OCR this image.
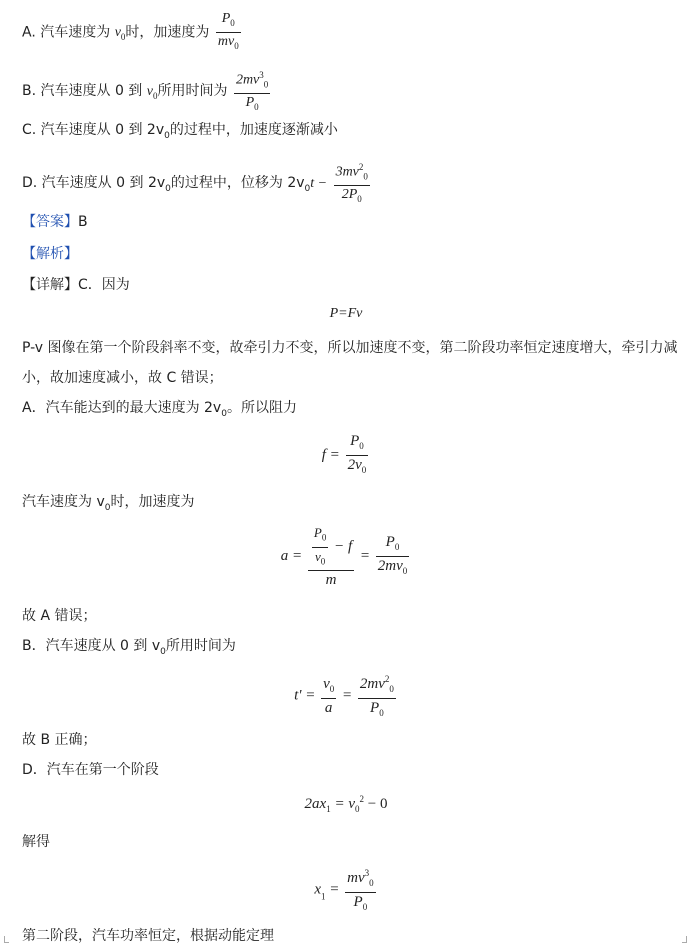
A. 汽车速度为 $v_0$时，加速度为 $\frac{P_0}{mv_0}$
B. 汽车速度从 0 到 $v_0$所用时间为 $\frac{2mv^3_0}{P_0}$
C. 汽车速度从 0 到 $2v_0$的过程中，加速度逐渐减小
D. 汽车速度从 0 到 $2v_0$的过程中，位移为 $2v_0t - \frac{3mv^2_0}{2P_0}$
【答案】B
【解析】
【详解】C．因为
P=Fv
P-v 图像在第一个阶段斜率不变，故牵引力不变，所以加速度不变，第二阶段功率恒定速度增大，牵引力减
小，故加速度减小，故 C 错误；
A．汽车能达到的最大速度为 $2v_0$。所以阻力
$f = \frac{P_0}{2v_0}$
汽车速度为 $v_0$时，加速度为
$a = \frac{\frac{P_0}{v_0} - f}{m} = \frac{P_0}{2mv_0}$
故 A 错误；
B．汽车速度从 0 到 $v_0$所用时间为
$t' = \frac{v_0}{a} = \frac{2mv^2_0}{P_0}$
故 B 正确；
D．汽车在第一个阶段
$2ax_1 = v_0^2 - 0$
解得
$x_1 = \frac{mv^3_0}{P_0}$
第二阶段，汽车功率恒定，根据动能定理
